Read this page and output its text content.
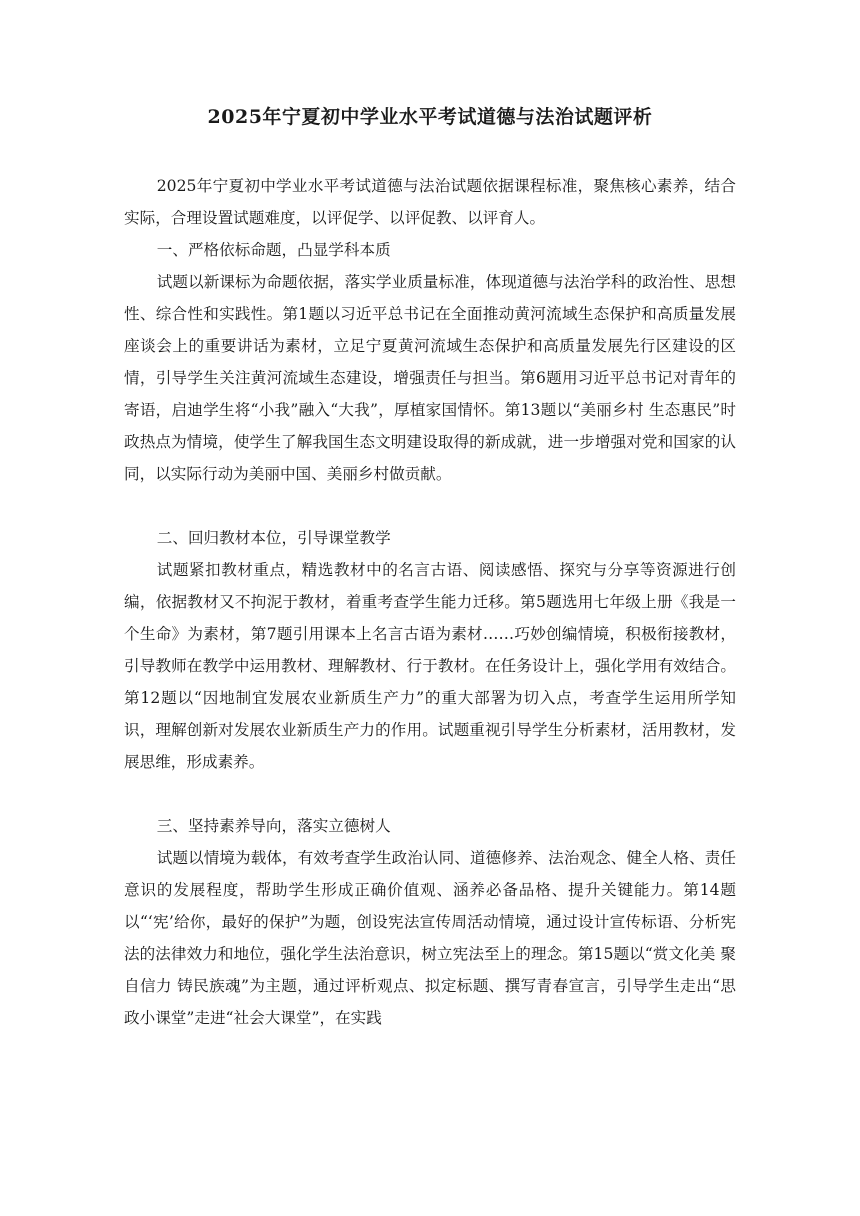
2025年宁夏初中学业水平考试道德与法治试题评析

2025年宁夏初中学业水平考试道德与法治试题依据课程标准，聚焦核心素养，结合实际，合理设置试题难度，以评促学、以评促教、以评育人。

一、严格依标命题，凸显学科本质

试题以新课标为命题依据，落实学业质量标准，体现道德与法治学科的政治性、思想性、综合性和实践性。第1题以习近平总书记在全面推动黄河流域生态保护和高质量发展座谈会上的重要讲话为素材，立足宁夏黄河流域生态保护和高质量发展先行区建设的区情，引导学生关注黄河流域生态建设，增强责任与担当。第6题用习近平总书记对青年的寄语，启迪学生将“小我”融入“大我”，厚植家国情怀。第13题以“美丽乡村 生态惠民”时政热点为情境，使学生了解我国生态文明建设取得的新成就，进一步增强对党和国家的认同，以实际行动为美丽中国、美丽乡村做贡献。

二、回归教材本位，引导课堂教学

试题紧扣教材重点，精选教材中的名言古语、阅读感悟、探究与分享等资源进行创编，依据教材又不拘泥于教材，着重考查学生能力迁移。第5题选用七年级上册《我是一个生命》为素材，第7题引用课本上名言古语为素材……巧妙创编情境，积极衔接教材，引导教师在教学中运用教材、理解教材、行于教材。在任务设计上，强化学用有效结合。第12题以“因地制宜发展农业新质生产力”的重大部署为切入点，考查学生运用所学知识，理解创新对发展农业新质生产力的作用。试题重视引导学生分析素材，活用教材，发展思维，形成素养。

三、坚持素养导向，落实立德树人

试题以情境为载体，有效考查学生政治认同、道德修养、法治观念、健全人格、责任意识的发展程度，帮助学生形成正确价值观、涵养必备品格、提升关键能力。第14题以“‘宪’给你，最好的保护”为题，创设宪法宣传周活动情境，通过设计宣传标语、分析宪法的法律效力和地位，强化学生法治意识，树立宪法至上的理念。第15题以“赏文化美 聚自信力 铸民族魂”为主题，通过评析观点、拟定标题、撰写青春宣言，引导学生走出“思政小课堂”走进“社会大课堂”，在实践
